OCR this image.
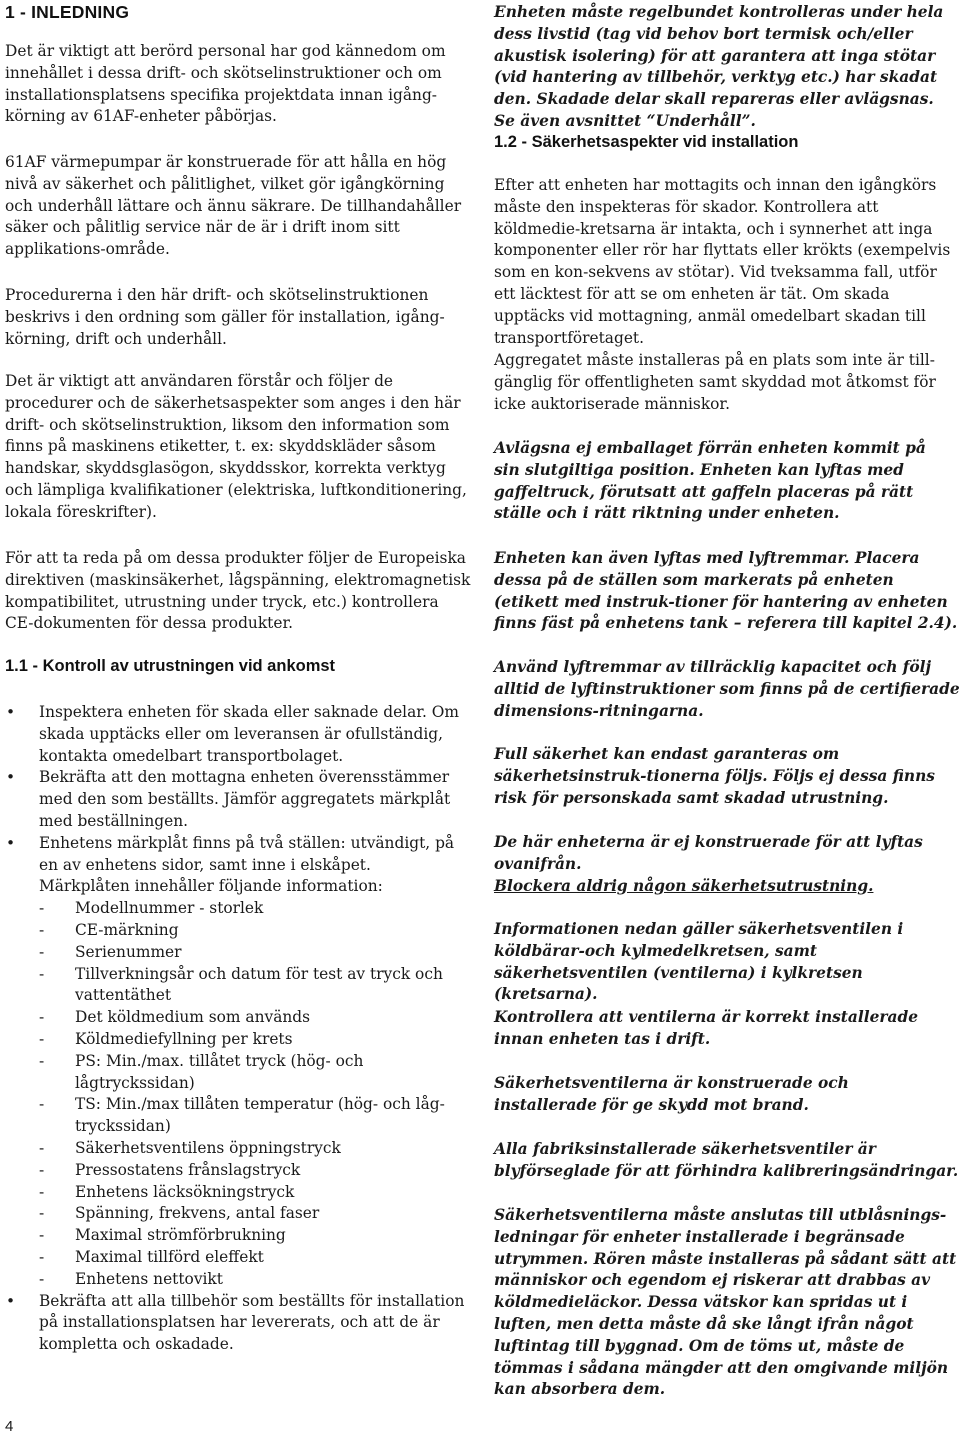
1 - INLEDNING

Det är viktigt att berörd personal har god kännedom om innehållet i dessa drift- och skötselinstruktioner och om installationsplatsens specifika projektdata innan igång-körning av 61AF-enheter påbörjas.

61AF värmepumpar är konstruerade för att hålla en hög nivå av säkerhet och pålitlighet, vilket gör igångkörning och underhåll lättare och ännu säkrare. De tillhandahåller säker och pålitlig service när de är i drift inom sitt applikations-område.

Procedurerna i den här drift- och skötselinstruktionen beskrivs i den ordning som gäller för installation, igång-körning, drift och underhåll.

Det är viktigt att användaren förstår och följer de procedurer och de säkerhetsaspekter som anges i den här drift- och skötselinstruktion, liksom den information som finns på maskinens etiketter, t. ex: skyddskläder såsom handskar, skyddsglasögon, skyddsskor, korrekta verktyg och lämpliga kvalifikationer (elektriska, luftkonditionering, lokala föreskrifter).

För att ta reda på om dessa produkter följer de Europeiska direktiven (maskinsäkerhet, lågspänning, elektromagnetisk kompatibilitet, utrustning under tryck, etc.) kontrollera CE-dokumenten för dessa produkter.

1.1 - Kontroll av utrustningen vid ankomst
• Inspektera enheten för skada eller saknade delar. Om skada upptäcks eller om leveransen är ofullständig, kontakta omedelbart transportbolaget.
• Bekräfta att den mottagna enheten överensstämmer med den som beställts. Jämför aggregatets märkplåt med beställningen.
• Enhetens märkplåt finns på två ställen: utvändigt, på en av enhetens sidor, samt inne i elskåpet.
Märkplåten innehåller följande information:
- Modellnummer - storlek
- CE-märkning
- Serienummer
- Tillverkningsår och datum för test av tryck och vattentäthet
- Det köldmedium som används
- Köldmediefyllning per krets
- PS: Min./max. tillåtet tryck (hög- och lågtryckssidan)
- TS: Min./max tillåten temperatur (hög- och låg-tryckssidan)
- Säkerhetsventilens öppningstryck
- Pressostatens frånslagstryck
- Enhetens läcksökningstryck
- Spänning, frekvens, antal faser
- Maximal strömförbrukning
- Maximal tillförd eleffekt
- Enhetens nettovikt
• Bekräfta att alla tillbehör som beställts för installation på installationsplatsen har levererats, och att de är kompletta och oskadade.
4

Enheten måste regelbundet kontrolleras under hela dess livstid (tag vid behov bort termisk och/eller akustisk isolering) för att garantera att inga stötar (vid hantering av tillbehör, verktyg etc.) har skadat den. Skadade delar skall repareras eller avlägsnas. Se även avsnittet “Underhåll”.

1.2 - Säkerhetsaspekter vid installation

Efter att enheten har mottagits och innan den igångkörs måste den inspekteras för skador. Kontrollera att köldmedie-kretsarna är intakta, och i synnerhet att inga komponenter eller rör har flyttats eller krökts (exempelvis som en kon-sekvens av stötar). Vid tveksamma fall, utför ett läcktest för att se om enheten är tät. Om skada upptäcks vid mottagning, anmäl omedelbart skadan till transportföretaget.

Aggregatet måste installeras på en plats som inte är till-gänglig för offentligheten samt skyddad mot åtkomst för icke auktoriserade människor.

Avlägsna ej emballaget förrän enheten kommit på sin slutgiltiga position. Enheten kan lyftas med gaffeltruck, förutsatt att gaffeln placeras på rätt ställe och i rätt riktning under enheten.

Enheten kan även lyftas med lyftremmar. Placera dessa på de ställen som markerats på enheten (etikett med instruk-tioner för hantering av enheten finns fäst på enhetens tank – referera till kapitel 2.4).

Använd lyftremmar av tillräcklig kapacitet och följ alltid de lyftinstruktioner som finns på de certifierade dimensions-ritningarna.

Full säkerhet kan endast garanteras om säkerhetsinstruk-tionerna följs. Följs ej dessa finns risk för personskada samt skadad utrustning.

De här enheterna är ej konstruerade för att lyftas ovanifrån.

Blockera aldrig någon säkerhetsutrustning.

Informationen nedan gäller säkerhetsventilen i köldbärar-och kylmedelkretsen, samt säkerhetsventilen (ventilerna) i kylkretsen (kretsarna).

Kontrollera att ventilerna är korrekt installerade innan enheten tas i drift.

Säkerhetsventilerna är konstruerade och installerade för ge skydd mot brand.

Alla fabriksinstallerade säkerhetsventiler är blyförseglade för att förhindra kalibreringsändringar.

Säkerhetsventilerna måste anslutas till utblåsnings-ledningar för enheter installerade i begränsade utrymmen. Rören måste installeras på sådant sätt att människor och egendom ej riskerar att drabbas av köldmedieläckor. Dessa vätskor kan spridas ut i luften, men detta måste då ske långt ifrån något luftintag till byggnad. Om de töms ut, måste de tömmas i sådana mängder att den omgivande miljön kan absorbera dem.
